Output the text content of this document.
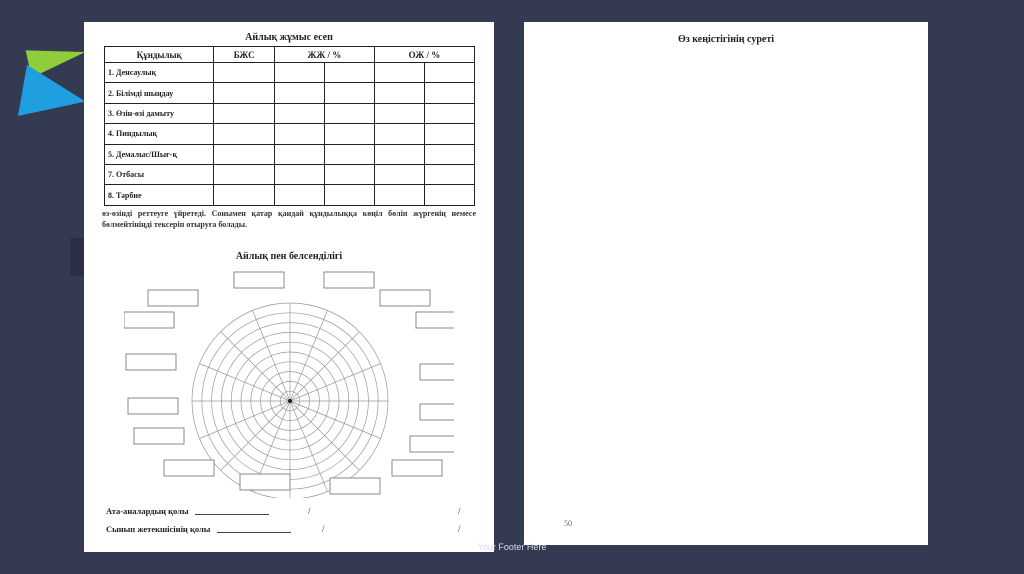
Айлық жұмыс есеп
Құндылық	БЖС	ЖЖ / %		ОЖ / %	
1. Денсаулық					
2. Білімді шыңдау					
3. Өзін-өзі дамыту					
4. Пиндылық					
5. Демалыс/Шығ-қ					
7. Отбасы					
8. Тәрбие					
өз-өзінді реттеуге үйретеді. Сонымен қатар қандай құндылыққа көңіл бөліп жүргенің немесе бөлмейтініңді тексеріп отыруға болады.
Айлық пен белсенділігі
Ата-аналардың қолы	/	/
Сынып жетекшісінің қолы	/	/
Өз кеңістігінің суреті
50
Your Footer Here
